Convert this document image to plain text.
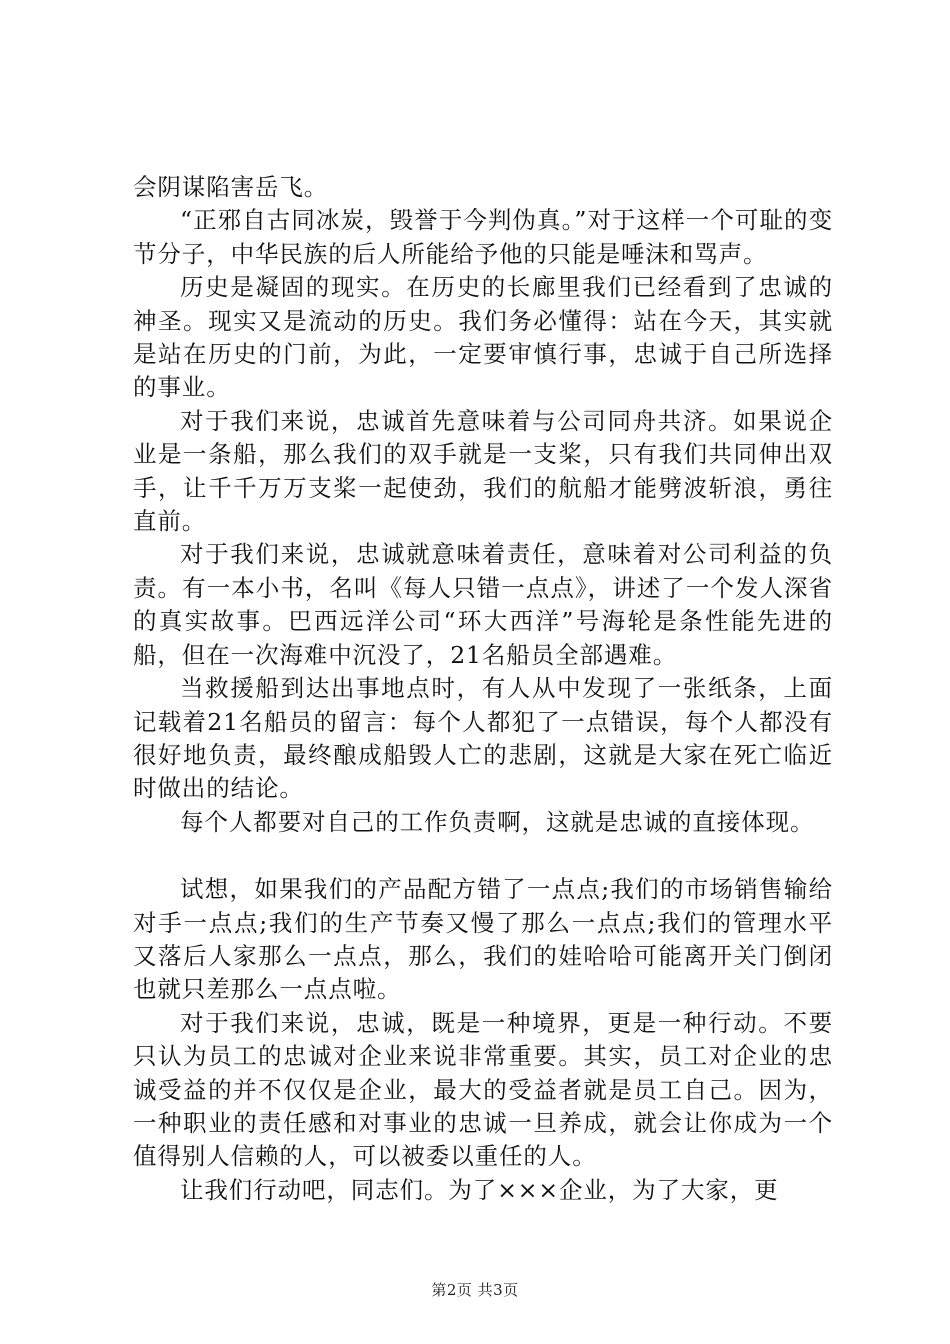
会阴谋陷害岳飞。

“正邪自古同冰炭，毁誉于今判伪真。”对于这样一个可耻的变节分子，中华民族的后人所能给予他的只能是唾沫和骂声。

历史是凝固的现实。在历史的长廊里我们已经看到了忠诚的神圣。现实又是流动的历史。我们务必懂得：站在今天，其实就是站在历史的门前，为此，一定要审慎行事，忠诚于自己所选择的事业。

对于我们来说，忠诚首先意味着与公司同舟共济。如果说企业是一条船，那么我们的双手就是一支桨，只有我们共同伸出双手，让千千万万支桨一起使劲，我们的航船才能劈波斩浪，勇往直前。

对于我们来说，忠诚就意味着责任，意味着对公司利益的负责。有一本小书，名叫《每人只错一点点》，讲述了一个发人深省的真实故事。巴西远洋公司“环大西洋”号海轮是条性能先进的船，但在一次海难中沉没了，21名船员全部遇难。

当救援船到达出事地点时，有人从中发现了一张纸条，上面记载着21名船员的留言：每个人都犯了一点错误，每个人都没有很好地负责，最终酿成船毁人亡的悲剧，这就是大家在死亡临近时做出的结论。

每个人都要对自己的工作负责啊，这就是忠诚的直接体现。

试想，如果我们的产品配方错了一点点;我们的市场销售输给对手一点点;我们的生产节奏又慢了那么一点点;我们的管理水平又落后人家那么一点点，那么，我们的娃哈哈可能离开关门倒闭也就只差那么一点点啦。

对于我们来说，忠诚，既是一种境界，更是一种行动。不要只认为员工的忠诚对企业来说非常重要。其实，员工对企业的忠诚受益的并不仅仅是企业，最大的受益者就是员工自己。因为，一种职业的责任感和对事业的忠诚一旦养成，就会让你成为一个值得别人信赖的人，可以被委以重任的人。

让我们行动吧，同志们。为了×××企业，为了大家，更

第2页 共3页
